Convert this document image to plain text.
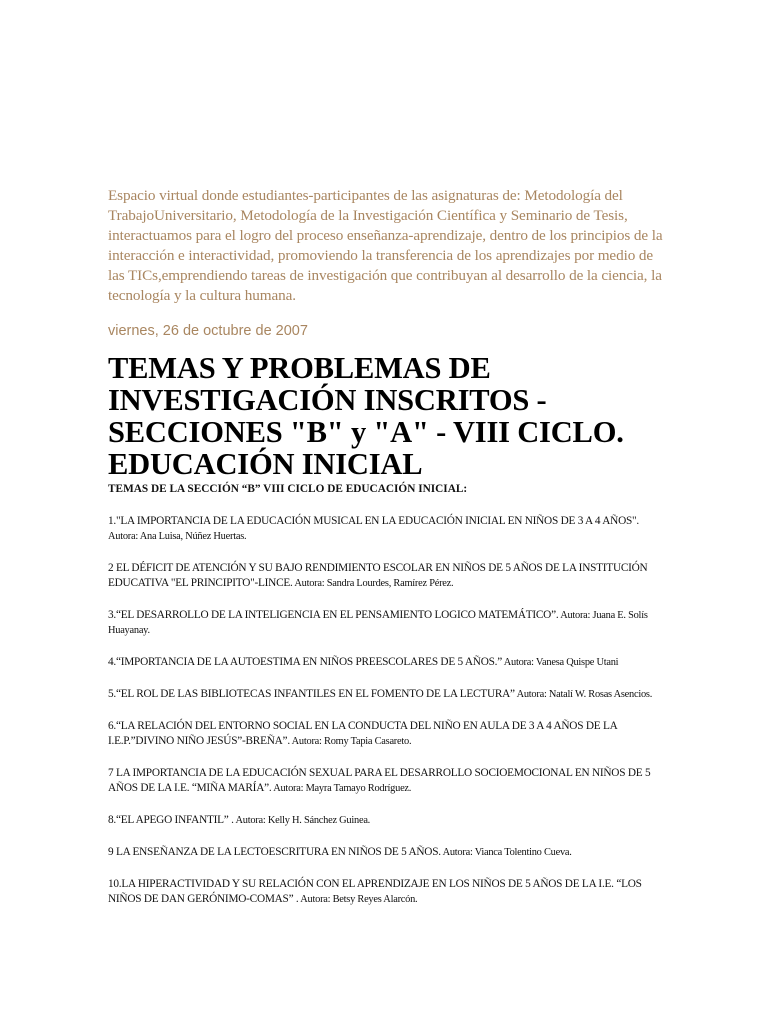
Espacio virtual donde estudiantes-participantes de las asignaturas de: Metodología del TrabajoUniversitario, Metodología de la Investigación Científica y Seminario de Tesis, interactuamos para el logro del proceso enseñanza-aprendizaje, dentro de los principios de la interacción e interactividad, promoviendo la transferencia de los aprendizajes por medio de las TICs,emprendiendo tareas de investigación que contribuyan al desarrollo de la ciencia, la tecnología y la cultura humana.

viernes, 26 de octubre de 2007

TEMAS Y PROBLEMAS DE INVESTIGACIÓN INSCRITOS - SECCIONES "B" y "A" - VIII CICLO. EDUCACIÓN INICIAL

TEMAS DE LA SECCIÓN “B” VIII CICLO DE EDUCACIÓN INICIAL:

1."LA IMPORTANCIA DE LA EDUCACIÓN MUSICAL EN LA EDUCACIÓN INICIAL EN NIÑOS DE 3 A 4 AÑOS". Autora: Ana Luisa, Núñez Huertas.

2 EL DÉFICIT DE ATENCIÓN Y SU BAJO RENDIMIENTO ESCOLAR EN NIÑOS DE 5 AÑOS DE LA INSTITUCIÓN EDUCATIVA "EL PRINCIPITO"-LINCE. Autora: Sandra Lourdes, Ramírez Pérez.

3.“EL DESARROLLO DE LA INTELIGENCIA EN EL PENSAMIENTO LOGICO MATEMÁTICO”. Autora: Juana E. Solís Huayanay.

4.“IMPORTANCIA DE LA AUTOESTIMA EN NIÑOS PREESCOLARES DE 5 AÑOS.” Autora: Vanesa Quispe Utani

5.“EL ROL DE LAS BIBLIOTECAS INFANTILES EN EL FOMENTO DE LA LECTURA” Autora: Natalí W. Rosas Asencios.

6.“LA RELACIÓN DEL ENTORNO SOCIAL EN LA CONDUCTA DEL NIÑO EN AULA DE 3 A 4 AÑOS DE LA I.E.P.”DIVINO NIÑO JESÚS”-BREÑA”. Autora: Romy Tapia Casareto.

7 LA IMPORTANCIA DE LA EDUCACIÓN SEXUAL PARA EL DESARROLLO SOCIOEMOCIONAL EN NIÑOS DE 5 AÑOS DE LA I.E. “MIÑA MARÍA”. Autora: Mayra Tamayo Rodríguez.

8.“EL APEGO INFANTIL” . Autora: Kelly H. Sánchez Guinea.

9 LA ENSEÑANZA DE LA LECTOESCRITURA EN NIÑOS DE 5 AÑOS. Autora: Vianca Tolentino Cueva.

10.LA HIPERACTIVIDAD Y SU RELACIÓN CON EL APRENDIZAJE EN LOS NIÑOS DE 5 AÑOS DE LA I.E. “LOS NIÑOS DE DAN GERÓNIMO-COMAS” . Autora: Betsy Reyes Alarcón.
